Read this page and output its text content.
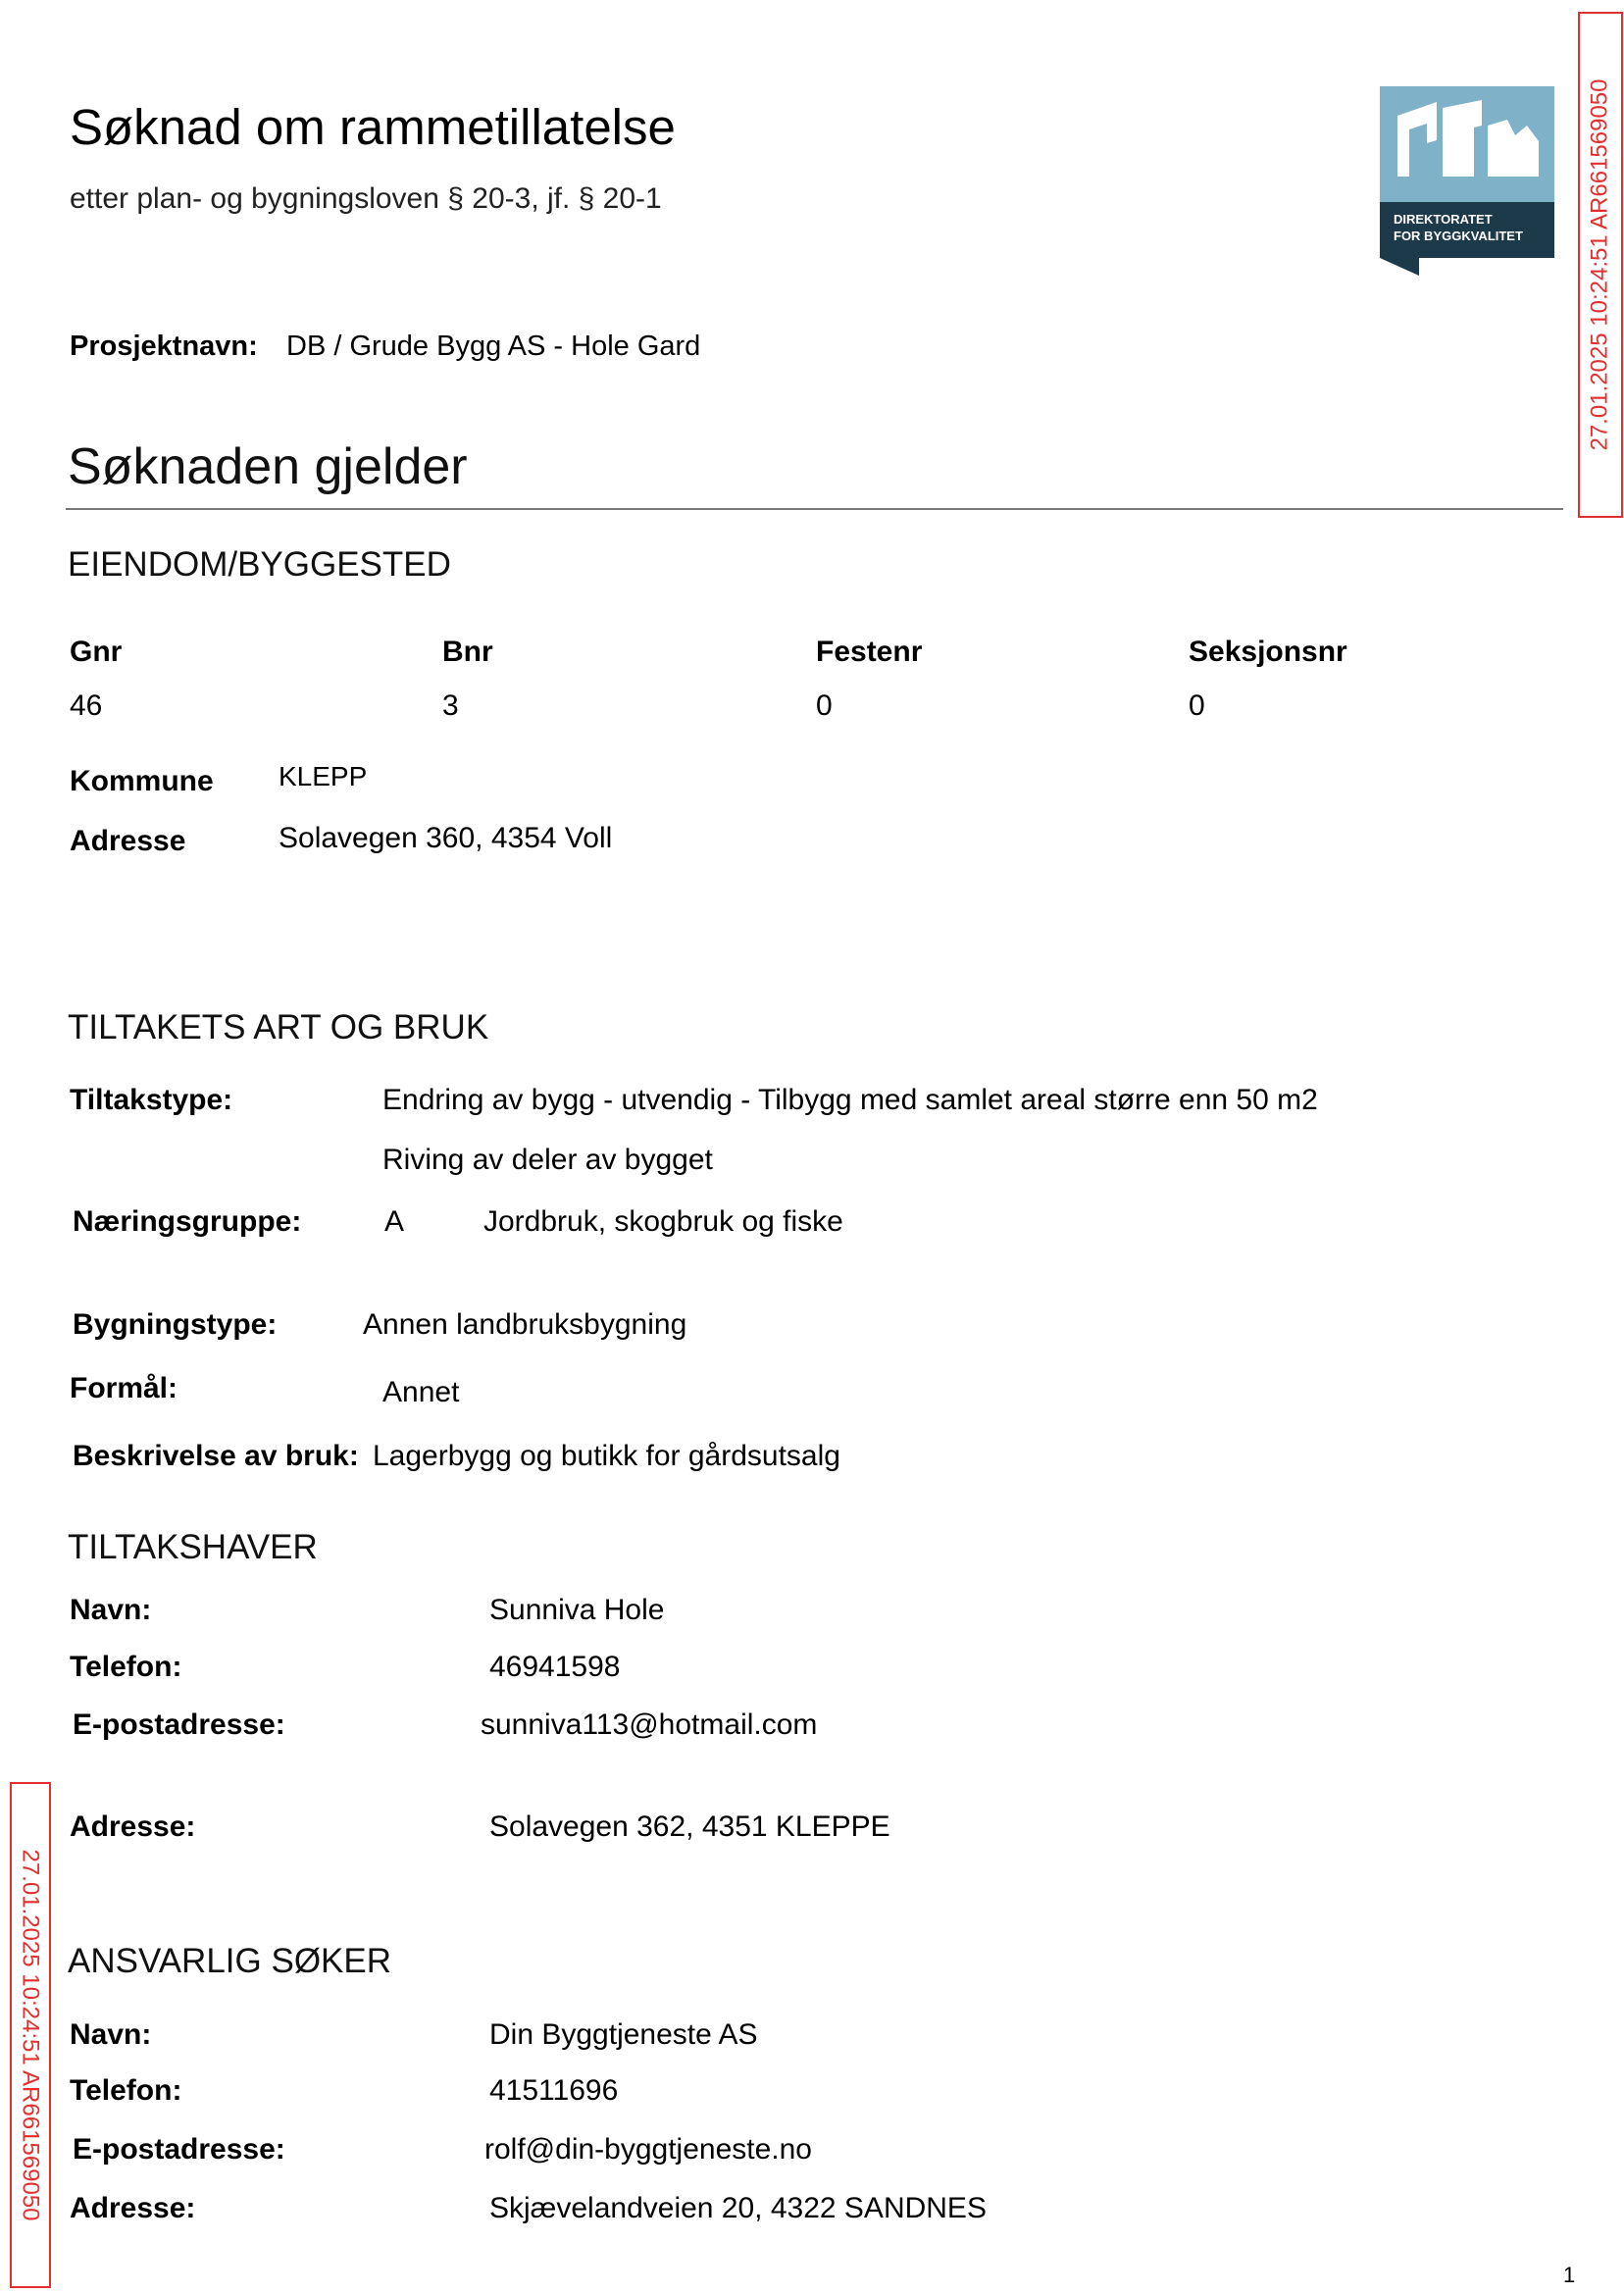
Søknad om rammetillatelse
etter plan- og bygningsloven § 20-3, jf. § 20-1
DIREKTORATET
FOR BYGGKVALITET
Prosjektnavn: DB / Grude Bygg AS - Hole Gard
Søknaden gjelder
EIENDOM/BYGGESTED
Gnr	Bnr	Festenr	Seksjonsnr
46	3	0	0
Kommune KLEPP
Adresse	Solavegen 360, 4354 Voll
TILTAKETS ART OG BRUK
Tiltakstype:	Endring av bygg - utvendig - Tilbygg med samlet areal større enn 50 m2
Riving av deler av bygget
Næringsgruppe:	A	Jordbruk, skogbruk og fiske
Bygningstype:	Annen landbruksbygning
Formål:	Annet
Beskrivelse av bruk: Lagerbygg og butikk for gårdsutsalg
TILTAKSHAVER
Navn:	Sunniva Hole
Telefon:	46941598
E-postadresse:	sunniva113@hotmail.com
Adresse:	Solavegen 362, 4351 KLEPPE
ANSVARLIG SØKER
Navn:	Din Byggtjeneste AS
Telefon:	41511696
E-postadresse:	rolf@din-byggtjeneste.no
Adresse:	Skjævelandveien 20, 4322 SANDNES
27.01.2025 10:24:51 AR661569050
27.01.2025 10:24:51 AR661569050
1
